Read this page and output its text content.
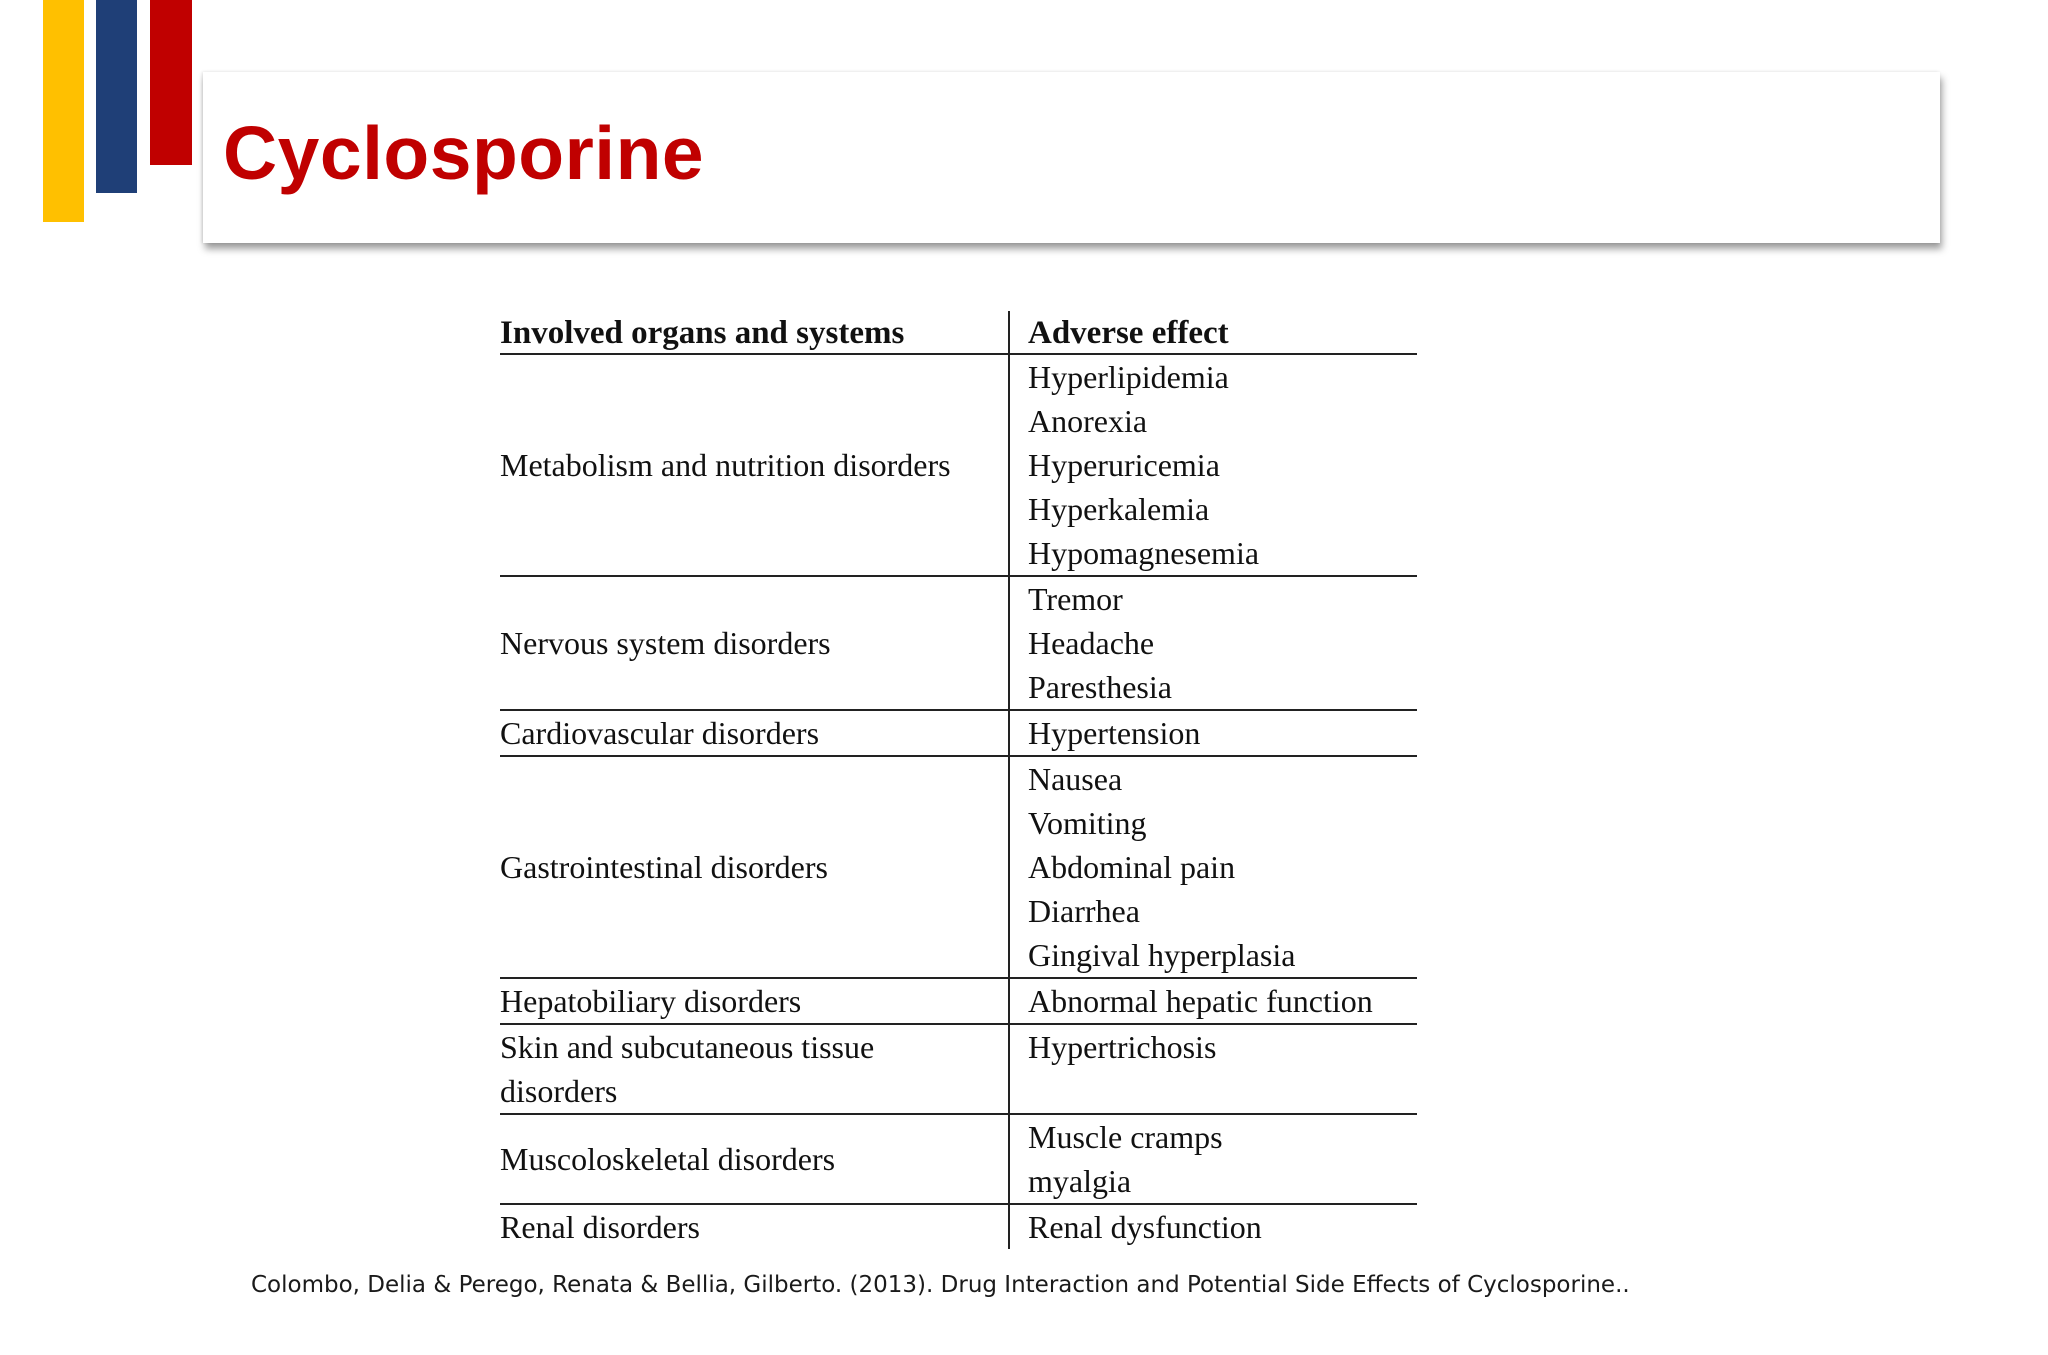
Cyclosporine
Involved organs and systems	Adverse effect
Metabolism and nutrition disorders	Hyperlipidemia
Anorexia
Hyperuricemia
Hyperkalemia
Hypomagnesemia

Nervous system disorders	Tremor
Headache
Paresthesia

Cardiovascular disorders	Hypertension

Gastrointestinal disorders	Nausea
Vomiting
Abdominal pain
Diarrhea
Gingival hyperplasia

Hepatobiliary disorders	Abnormal hepatic function

Skin and subcutaneous tissue disorders	Hypertrichosis

Muscoloskeletal disorders	Muscle cramps
myalgia

Renal disorders	Renal dysfunction

Colombo, Delia & Perego, Renata & Bellia, Gilberto. (2013). Drug Interaction and Potential Side Effects of Cyclosporine..
